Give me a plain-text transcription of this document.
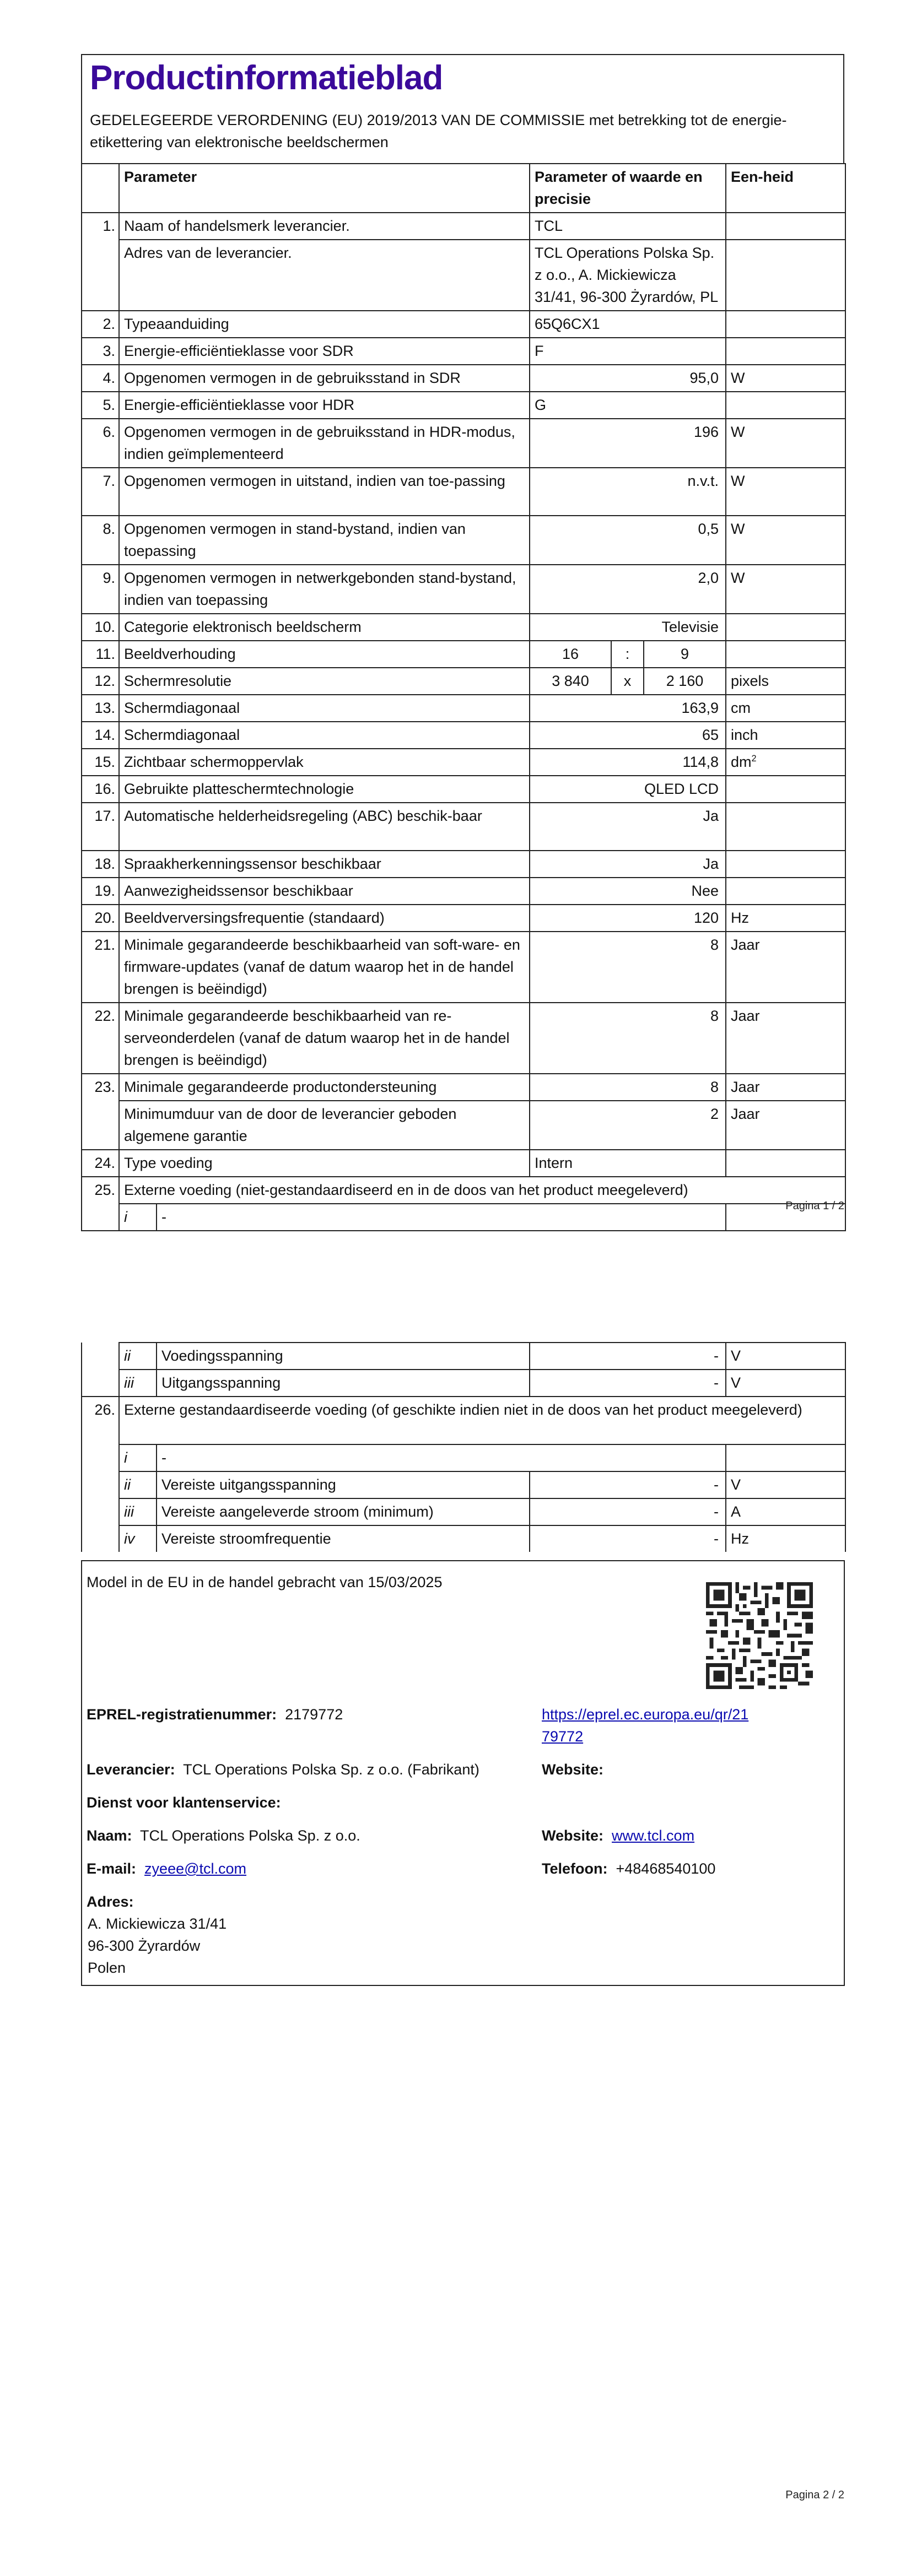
Productinformatieblad
GEDELEGEERDE VERORDENING (EU) 2019/2013 VAN DE COMMISSIE met betrekking tot de energie-etikettering van elektronische beeldschermen
	Parameter		Parameter of waarde en precisie			Een-heid
1.	Naam of handelsmerk leverancier.		TCL			
	Adres van de leverancier.		TCL Operations Polska Sp. z o.o., A. Mickiewicza 31/41, 96-300 Żyrardów, PL			
2.	Typeaanduiding		65Q6CX1			
3.	Energie-efficiëntieklasse voor SDR		F			
4.	Opgenomen vermogen in de gebruiksstand in SDR		95,0			W
5.	Energie-efficiëntieklasse voor HDR		G			
6.	Opgenomen vermogen in de gebruiksstand in HDR-modus, indien geïmplementeerd		196			W
7.	Opgenomen vermogen in uitstand, indien van toe-passing		n.v.t.			W
8.	Opgenomen vermogen in stand-bystand, indien van toepassing		0,5			W
9.	Opgenomen vermogen in netwerkgebonden stand-bystand, indien van toepassing		2,0			W
10.	Categorie elektronisch beeldscherm		Televisie			
11.	Beeldverhouding		16	:	9	
12.	Schermresolutie		3 840	x	2 160	pixels
13.	Schermdiagonaal		163,9			cm
14.	Schermdiagonaal		65			inch
15.	Zichtbaar schermoppervlak		114,8			$dm^2$
16.	Gebruikte platteschermtechnologie		QLED LCD			
17.	Automatische helderheidsregeling (ABC) beschik-baar		Ja			
18.	Spraakherkenningssensor beschikbaar		Ja			
19.	Aanwezigheidssensor beschikbaar		Nee			
20.	Beeldverversingsfrequentie (standaard)		120			Hz
21.	Minimale gegarandeerde beschikbaarheid van soft-ware- en firmware-updates (vanaf de datum waarop het in de handel brengen is beëindigd)		8			Jaar
22.	Minimale gegarandeerde beschikbaarheid van re-serveonderdelen (vanaf de datum waarop het in de handel brengen is beëindigd)		8			Jaar
23.	Minimale gegarandeerde productondersteuning		8			Jaar
	Minimumduur van de door de leverancier geboden algemene garantie		2			Jaar
24.	Type voeding		Intern			
25.	Externe voeding (niet-gestandaardiseerd en in de doos van het product meegeleverd)					
	i	-				
Pagina 1 / 2
	ii	Voedingsspanning	-	V
	iii	Uitgangsspanning	-	V
26.	Externe gestandaardiseerde voeding (of geschikte indien niet in de doos van het product meegeleverd)			
	i	-		
	ii	Vereiste uitgangsspanning	-	V
	iii	Vereiste aangeleverde stroom (minimum)	-	A
	iv	Vereiste stroomfrequentie	-	Hz
Model in de EU in de handel gebracht van 15/03/2025
EPREL-registratienummer: 2179772	https://eprel.ec.europa.eu/qr/21
79772
Leverancier: TCL Operations Polska Sp. z o.o. (Fabrikant)	Website:
Dienst voor klantenservice:
Naam: TCL Operations Polska Sp. z o.o.	Website: www.tcl.com
E-mail: zyeee@tcl.com	Telefoon: +48468540100
Adres:
A. Mickiewicza 31/41
96-300 Żyrardów
Polen
Pagina 2 / 2
